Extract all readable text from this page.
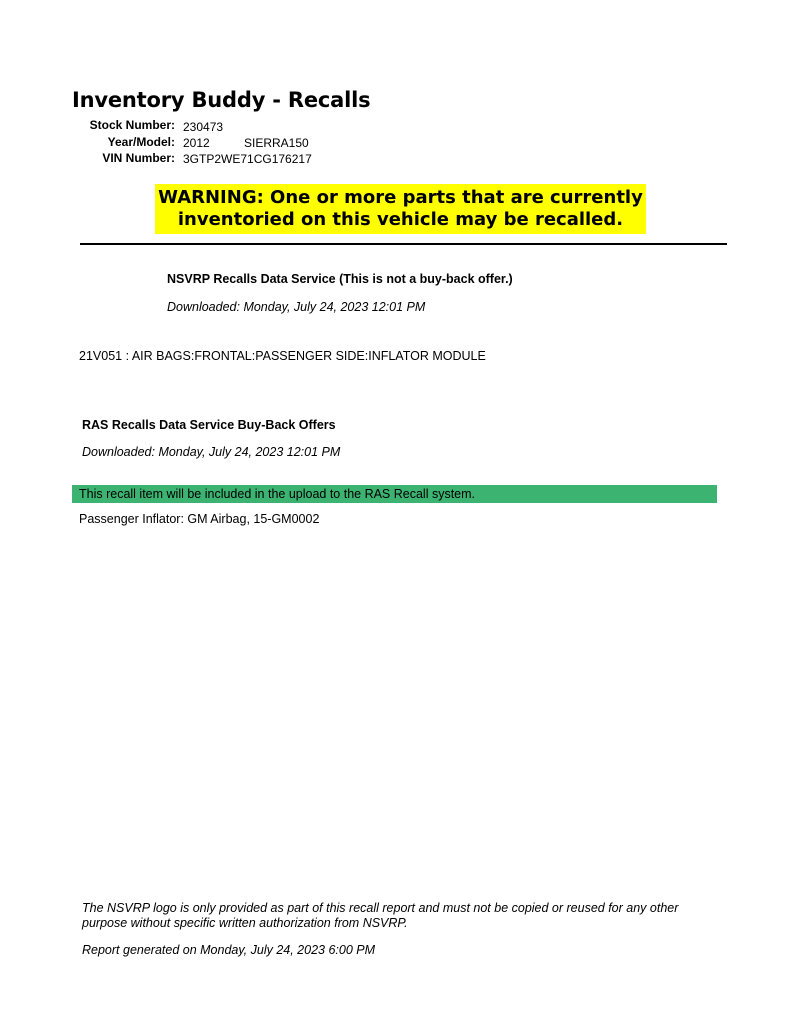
Inventory Buddy - Recalls
Stock Number: 230473
Year/Model: 2012	SIERRA150
VIN Number: 3GTP2WE71CG176217
WARNING: One or more parts that are currently
inventoried on this vehicle may be recalled.
NSVRP Recalls Data Service (This is not a buy-back offer.)
Downloaded: Monday, July 24, 2023 12:01 PM
21V051 : AIR BAGS:FRONTAL:PASSENGER SIDE:INFLATOR MODULE
RAS Recalls Data Service Buy-Back Offers
Downloaded: Monday, July 24, 2023 12:01 PM
This recall item will be included in the upload to the RAS Recall system.
Passenger Inflator: GM Airbag, 15-GM0002
The NSVRP logo is only provided as part of this recall report and must not be copied or reused for any other purpose without specific written authorization from NSVRP.
Report generated on Monday, July 24, 2023 6:00 PM
